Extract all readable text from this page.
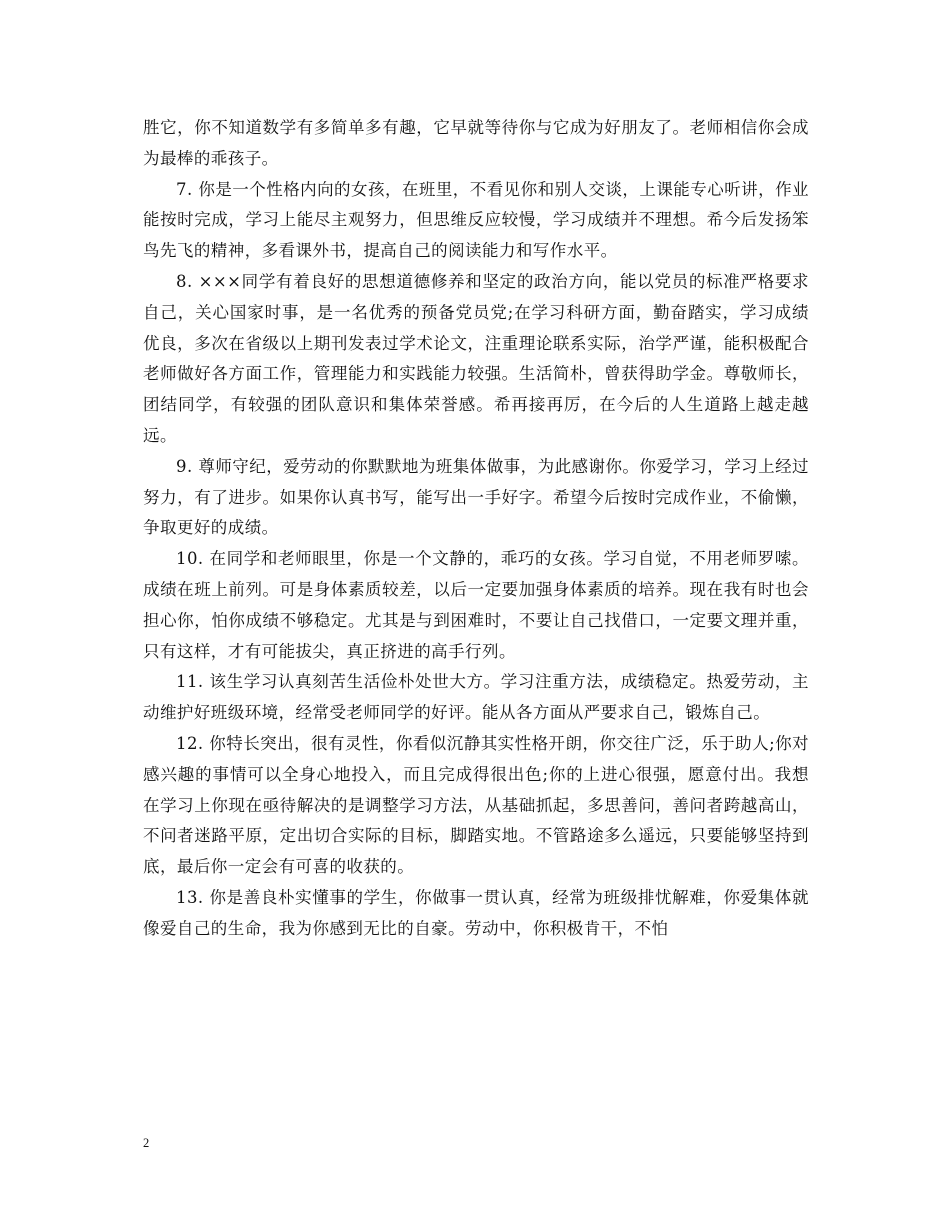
胜它，你不知道数学有多简单多有趣，它早就等待你与它成为好朋友了。老师相信你会成为最棒的乖孩子。

7. 你是一个性格内向的女孩，在班里，不看见你和别人交谈，上课能专心听讲，作业能按时完成，学习上能尽主观努力，但思维反应较慢，学习成绩并不理想。希今后发扬笨鸟先飞的精神，多看课外书，提高自己的阅读能力和写作水平。

8. ×××同学有着良好的思想道德修养和坚定的政治方向，能以党员的标准严格要求自己，关心国家时事，是一名优秀的预备党员党;在学习科研方面，勤奋踏实，学习成绩优良，多次在省级以上期刊发表过学术论文，注重理论联系实际，治学严谨，能积极配合老师做好各方面工作，管理能力和实践能力较强。生活简朴，曾获得助学金。尊敬师长，团结同学，有较强的团队意识和集体荣誉感。希再接再厉，在今后的人生道路上越走越远。

9. 尊师守纪，爱劳动的你默默地为班集体做事，为此感谢你。你爱学习，学习上经过努力，有了进步。如果你认真书写，能写出一手好字。希望今后按时完成作业，不偷懒，争取更好的成绩。

10. 在同学和老师眼里，你是一个文静的，乖巧的女孩。学习自觉，不用老师罗嗦。成绩在班上前列。可是身体素质较差，以后一定要加强身体素质的培养。现在我有时也会担心你，怕你成绩不够稳定。尤其是与到困难时，不要让自己找借口，一定要文理并重，只有这样，才有可能拔尖，真正挤进的高手行列。

11. 该生学习认真刻苦生活俭朴处世大方。学习注重方法，成绩稳定。热爱劳动，主动维护好班级环境，经常受老师同学的好评。能从各方面从严要求自己，锻炼自己。

12. 你特长突出，很有灵性，你看似沉静其实性格开朗，你交往广泛，乐于助人;你对感兴趣的事情可以全身心地投入，而且完成得很出色;你的上进心很强，愿意付出。我想在学习上你现在亟待解决的是调整学习方法，从基础抓起，多思善问，善问者跨越高山，不问者迷路平原，定出切合实际的目标，脚踏实地。不管路途多么遥远，只要能够坚持到底，最后你一定会有可喜的收获的。

13. 你是善良朴实懂事的学生，你做事一贯认真，经常为班级排忧解难，你爱集体就像爱自己的生命，我为你感到无比的自豪。劳动中，你积极肯干，不怕

2
